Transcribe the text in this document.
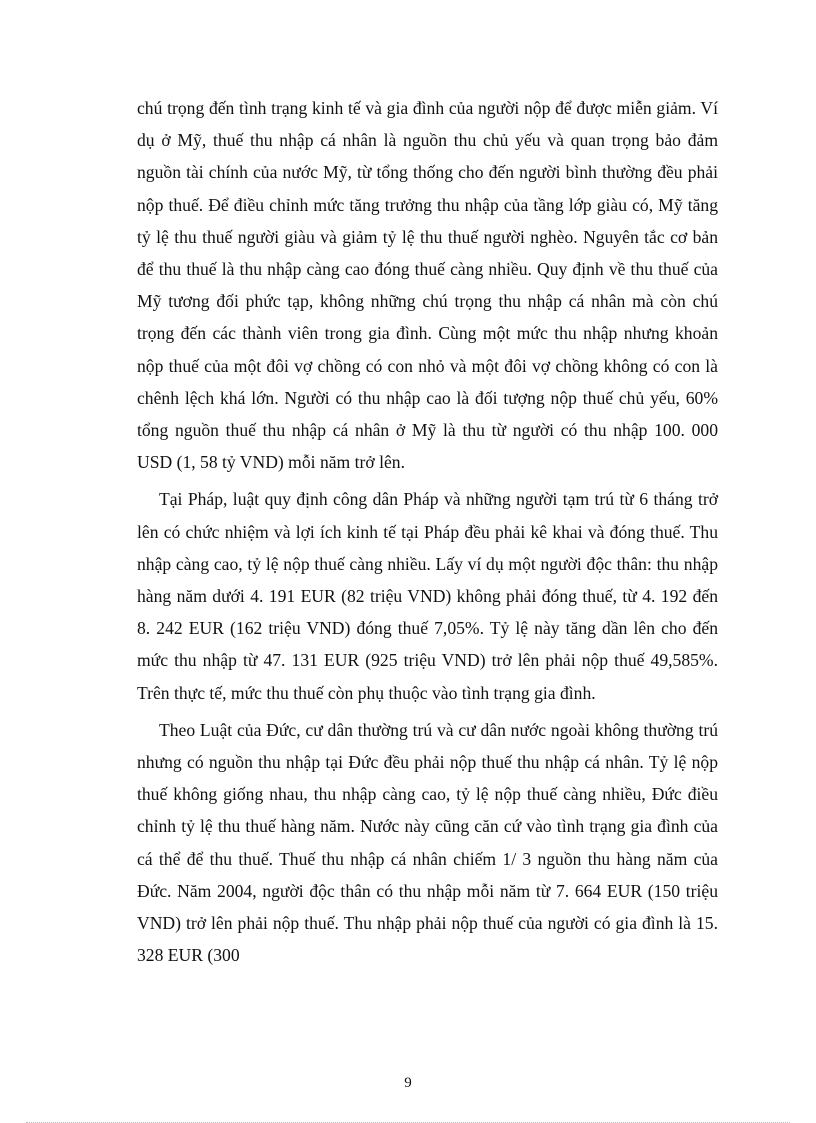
chú trọng đến tình trạng kinh tế và gia đình của người nộp để được miễn giảm. Ví dụ ở Mỹ, thuế thu nhập cá nhân là nguồn thu chủ yếu và quan trọng bảo đảm nguồn tài chính của nước Mỹ, từ tổng thống cho đến người bình thường đều phải nộp thuế. Để điều chỉnh mức tăng trưởng thu nhập của tầng lớp giàu có, Mỹ tăng tỷ lệ thu thuế người giàu và giảm tỷ lệ thu thuế người nghèo. Nguyên tắc cơ bản để thu thuế là thu nhập càng cao đóng thuế càng nhiều. Quy định về thu thuế của Mỹ tương đối phức tạp, không những chú trọng thu nhập cá nhân mà còn chú trọng đến các thành viên trong gia đình. Cùng một mức thu nhập nhưng khoản nộp thuế của một đôi vợ chồng có con nhỏ và một đôi vợ chồng không có con là chênh lệch khá lớn. Người có thu nhập cao là đối tượng nộp thuế chủ yếu, 60% tổng nguồn thuế thu nhập cá nhân ở Mỹ là thu từ người có thu nhập 100. 000 USD (1, 58 tỷ VND) mỗi năm trở lên.

Tại Pháp, luật quy định công dân Pháp và những người tạm trú từ 6 tháng trở lên có chức nhiệm và lợi ích kinh tế tại Pháp đều phải kê khai và đóng thuế. Thu nhập càng cao, tỷ lệ nộp thuế càng nhiều. Lấy ví dụ một người độc thân: thu nhập hàng năm dưới 4. 191 EUR (82 triệu VND) không phải đóng thuế, từ 4. 192 đến 8. 242 EUR (162 triệu VND) đóng thuế 7,05%. Tỷ lệ này tăng dần lên cho đến mức thu nhập từ 47. 131 EUR (925 triệu VND) trở lên phải nộp thuế 49,585%. Trên thực tế, mức thu thuế còn phụ thuộc vào tình trạng gia đình.

Theo Luật của Đức, cư dân thường trú và cư dân nước ngoài không thường trú nhưng có nguồn thu nhập tại Đức đều phải nộp thuế thu nhập cá nhân. Tỷ lệ nộp thuế không giống nhau, thu nhập càng cao, tỷ lệ nộp thuế càng nhiều, Đức điều chỉnh tỷ lệ thu thuế hàng năm. Nước này cũng căn cứ vào tình trạng gia đình của cá thể để thu thuế. Thuế thu nhập cá nhân chiếm 1/ 3 nguồn thu hàng năm của Đức. Năm 2004, người độc thân có thu nhập mỗi năm từ 7. 664 EUR (150 triệu VND) trở lên phải nộp thuế. Thu nhập phải nộp thuế của người có gia đình là 15. 328 EUR (300

9
